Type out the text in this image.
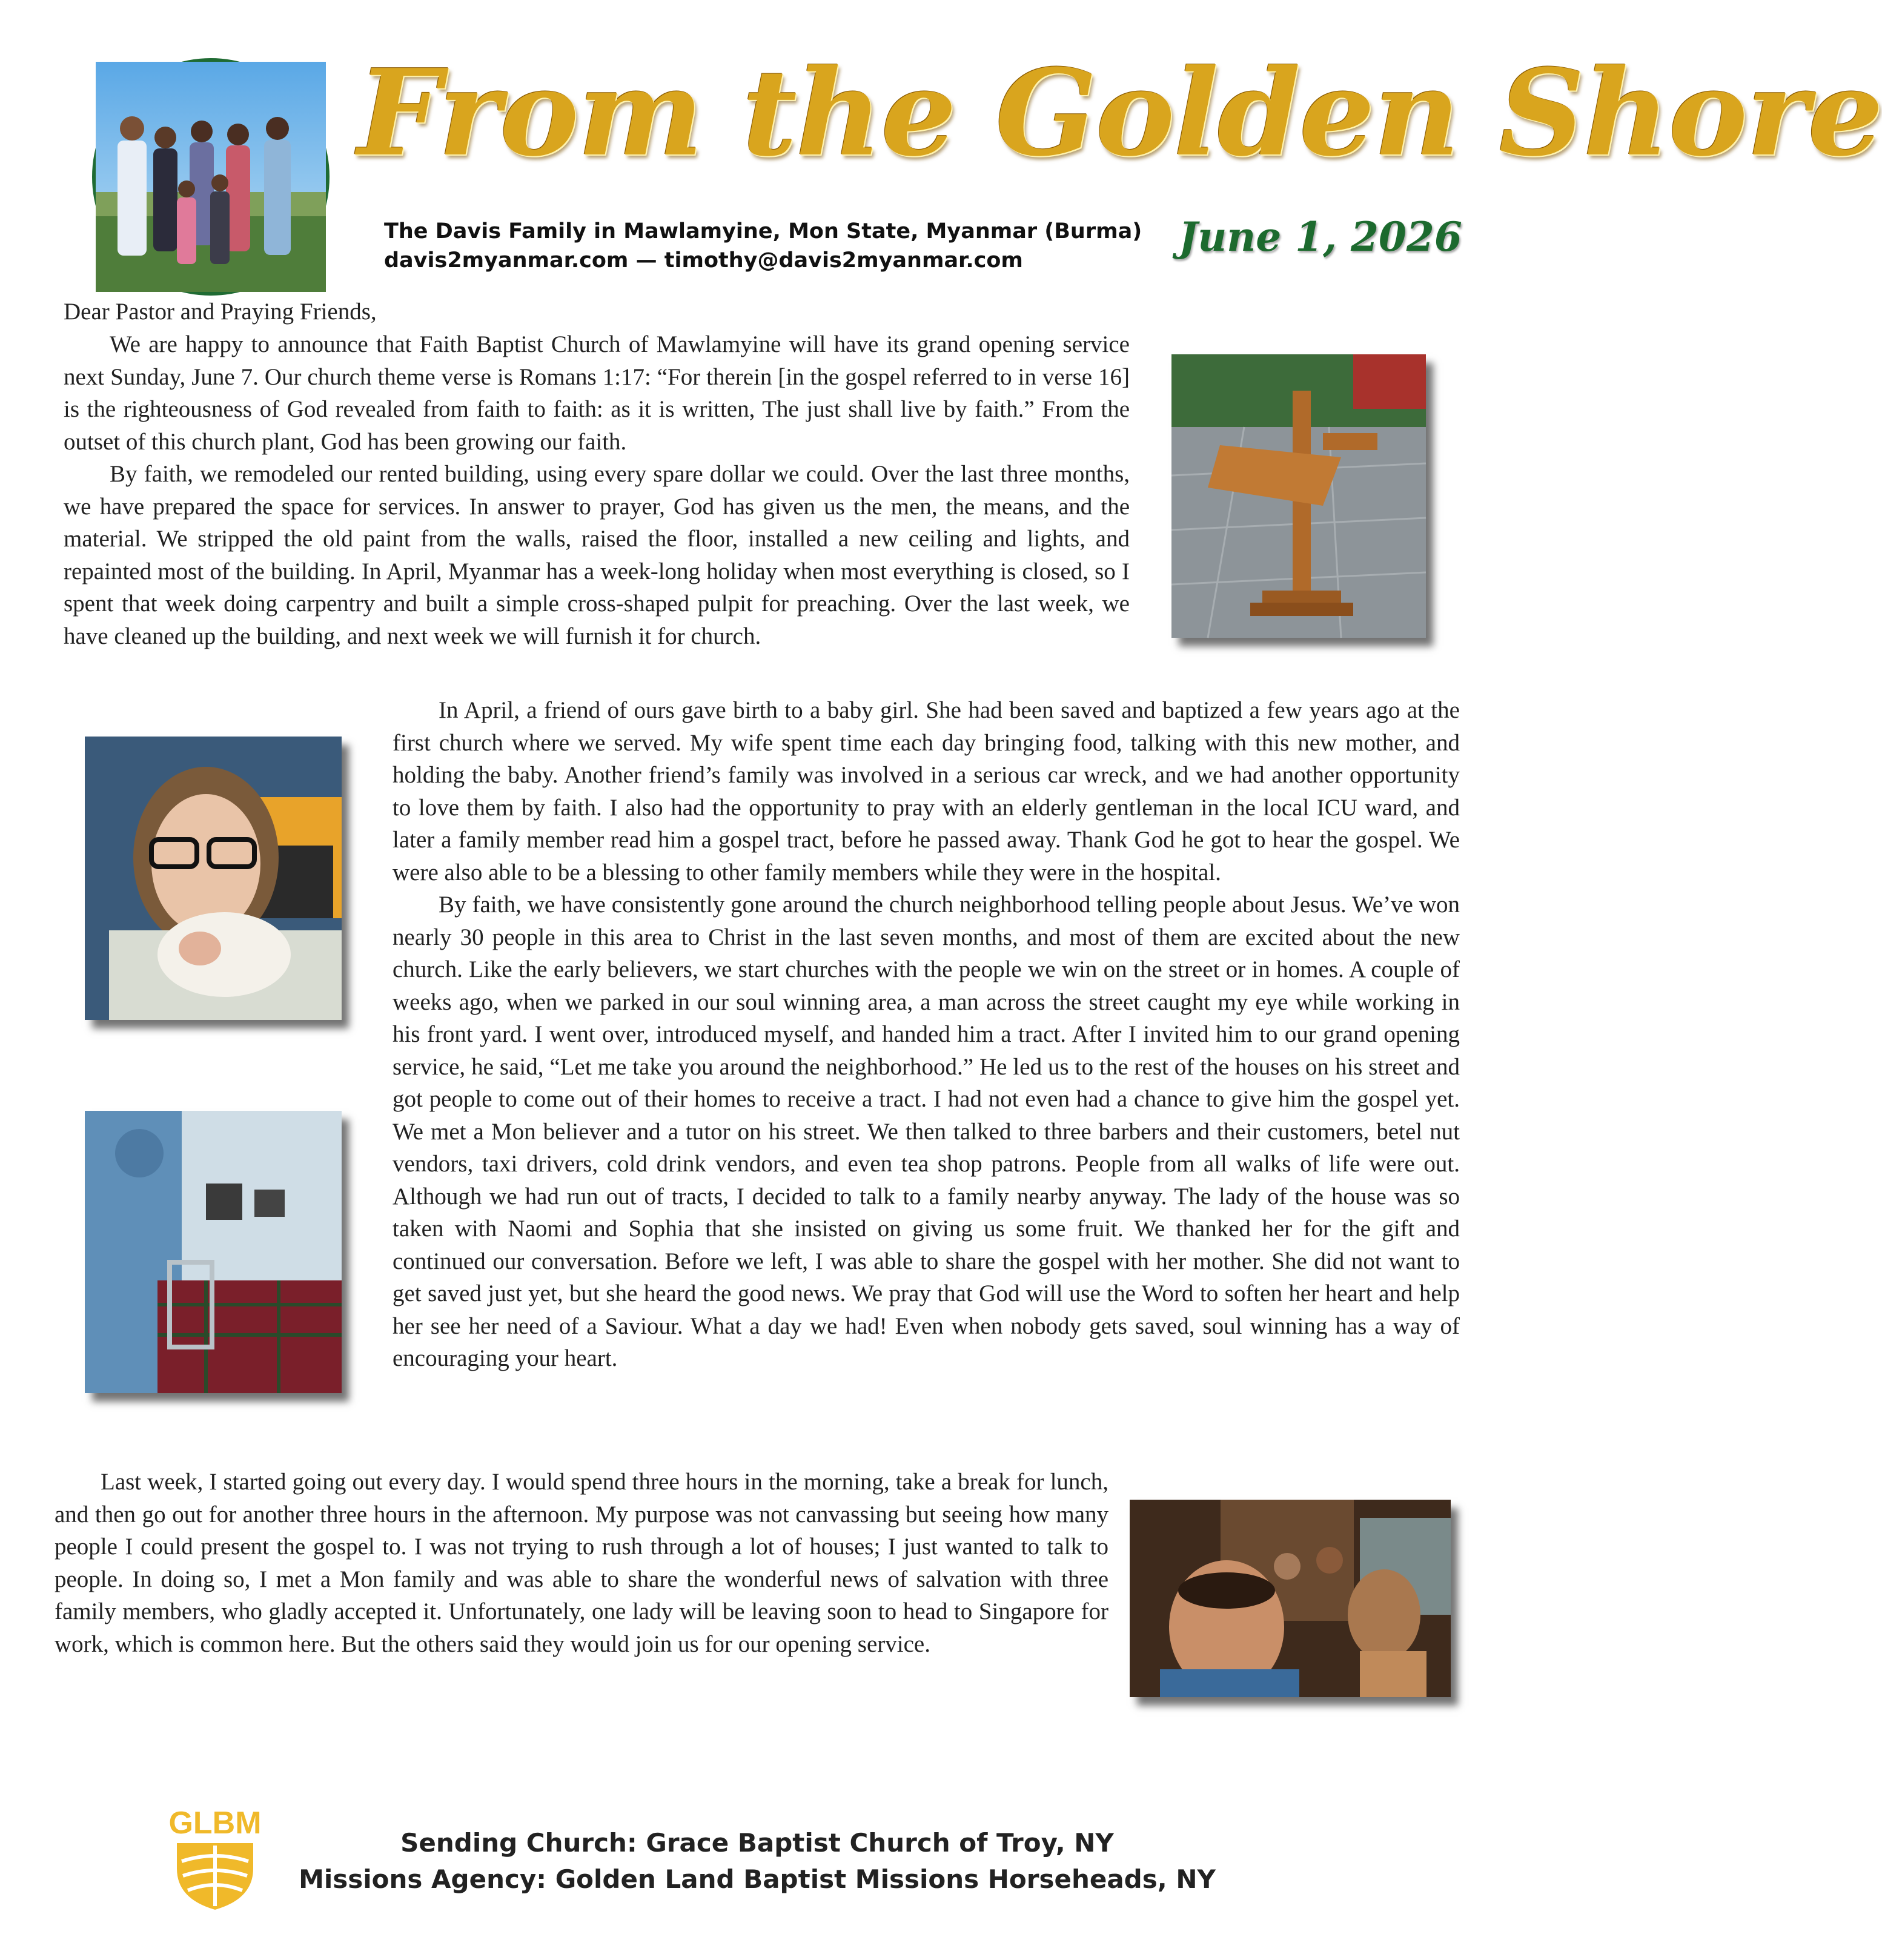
From the Golden Shore
The Davis Family in Mawlamyine, Mon State, Myanmar (Burma)
davis2myanmar.com — timothy@davis2myanmar.com	June 1, 2026
Dear Pastor and Praying Friends,

We are happy to announce that Faith Baptist Church of Mawlamyine will have its grand opening service next Sunday, June 7. Our church theme verse is Romans 1:17: “For therein [in the gospel referred to in verse 16] is the righteousness of God revealed from faith to faith: as it is written, The just shall live by faith.” From the outset of this church plant, God has been growing our faith.

By faith, we remodeled our rented building, using every spare dollar we could. Over the last three months, we have prepared the space for services. In answer to prayer, God has given us the men, the means, and the material. We stripped the old paint from the walls, raised the floor, installed a new ceiling and lights, and repainted most of the building. In April, Myanmar has a week-long holiday when most everything is closed, so I spent that week doing carpentry and built a simple cross-shaped pulpit for preaching. Over the last week, we have cleaned up the building, and next week we will furnish it for church.

In April, a friend of ours gave birth to a baby girl. She had been saved and baptized a few years ago at the first church where we served. My wife spent time each day bringing food, talking with this new mother, and holding the baby. Another friend’s family was involved in a serious car wreck, and we had another opportunity to love them by faith. I also had the opportunity to pray with an elderly gentleman in the local ICU ward, and later a family member read him a gospel tract, before he passed away. Thank God he got to hear the gospel. We were also able to be a blessing to other family members while they were in the hospital.

By faith, we have consistently gone around the church neighborhood telling people about Jesus. We’ve won nearly 30 people in this area to Christ in the last seven months, and most of them are excited about the new church. Like the early believers, we start churches with the people we win on the street or in homes. A couple of weeks ago, when we parked in our soul winning area, a man across the street caught my eye while working in his front yard. I went over, introduced myself, and handed him a tract. After I invited him to our grand opening service, he said, “Let me take you around the neighborhood.” He led us to the rest of the houses on his street and got people to come out of their homes to receive a tract. I had not even had a chance to give him the gospel yet. We met a Mon believer and a tutor on his street. We then talked to three barbers and their customers, betel nut vendors, taxi drivers, cold drink vendors, and even tea shop patrons. People from all walks of life were out. Although we had run out of tracts, I decided to talk to a family nearby anyway. The lady of the house was so taken with Naomi and Sophia that she insisted on giving us some fruit. We thanked her for the gift and continued our conversation. Before we left, I was able to share the gospel with her mother. She did not want to get saved just yet, but she heard the good news. We pray that God will use the Word to soften her heart and help her see her need of a Saviour. What a day we had! Even when nobody gets saved, soul winning has a way of encouraging your heart.

Last week, I started going out every day. I would spend three hours in the morning, take a break for lunch, and then go out for another three hours in the afternoon. My purpose was not canvassing but seeing how many people I could present the gospel to. I was not trying to rush through a lot of houses; I just wanted to talk to people. In doing so, I met a Mon family and was able to share the wonderful news of salvation with three family members, who gladly accepted it. Unfortunately, one lady will be leaving soon to head to Singapore for work, which is common here. But the others said they would join us for our opening service.

GLBM
Sending Church: Grace Baptist Church of Troy, NY
Missions Agency: Golden Land Baptist Missions Horseheads, NY
